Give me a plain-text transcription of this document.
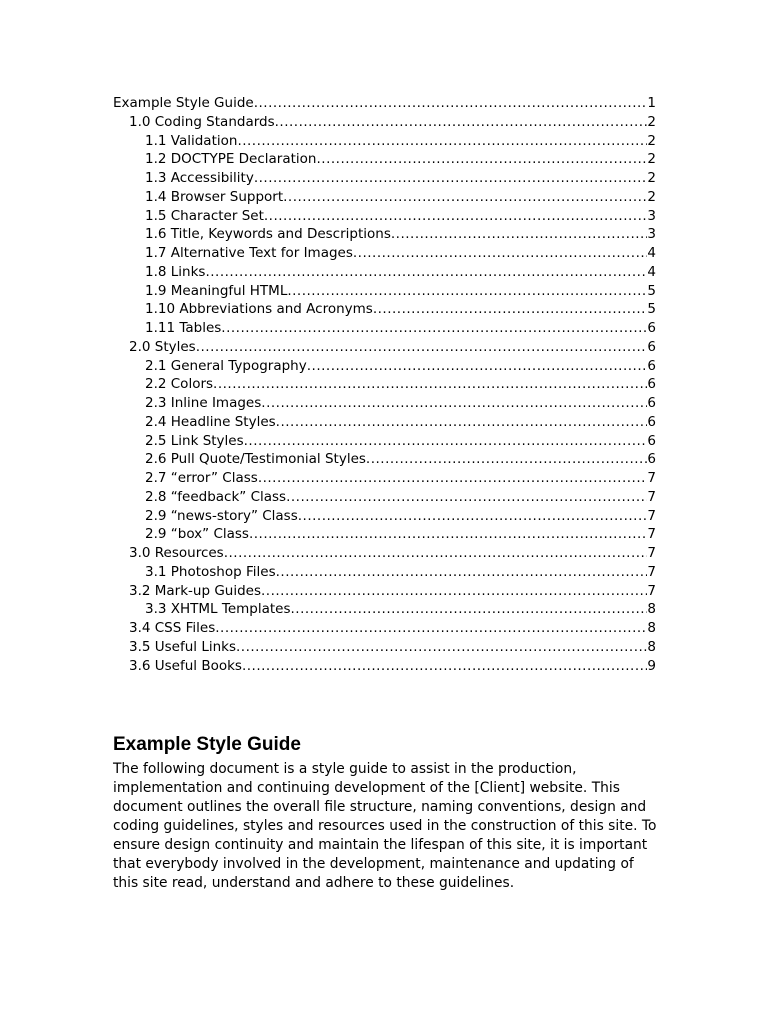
Example Style Guide .....	1
1.0 Coding Standards .....	2
1.1 Validation .....	2
1.2 DOCTYPE Declaration .....	2
1.3 Accessibility .....	2
1.4 Browser Support .....	2
1.5 Character Set .....	3
1.6 Title, Keywords and Descriptions .....	3
1.7 Alternative Text for Images .....	4
1.8 Links .....	4
1.9 Meaningful HTML .....	5
1.10 Abbreviations and Acronyms .....	5
1.11 Tables .....	6
2.0 Styles .....	6
2.1 General Typography .....	6
2.2 Colors .....	6
2.3 Inline Images .....	6
2.4 Headline Styles .....	6
2.5 Link Styles .....	6
2.6 Pull Quote/Testimonial Styles .....	6
2.7 “error” Class .....	7
2.8 “feedback” Class .....	7
2.9 “news-story” Class .....	7
2.9 “box” Class .....	7
3.0 Resources .....	7
3.1 Photoshop Files .....	7
3.2 Mark-up Guides .....	7
3.3 XHTML Templates .....	8
3.4 CSS Files .....	8
3.5 Useful Links .....	8
3.6 Useful Books .....	9
Example Style Guide

The following document is a style guide to assist in the production, implementation and continuing development of the [Client] website. This document outlines the overall file structure, naming conventions, design and coding guidelines, styles and resources used in the construction of this site. To ensure design continuity and maintain the lifespan of this site, it is important that everybody involved in the development, maintenance and updating of this site read, understand and adhere to these guidelines.
